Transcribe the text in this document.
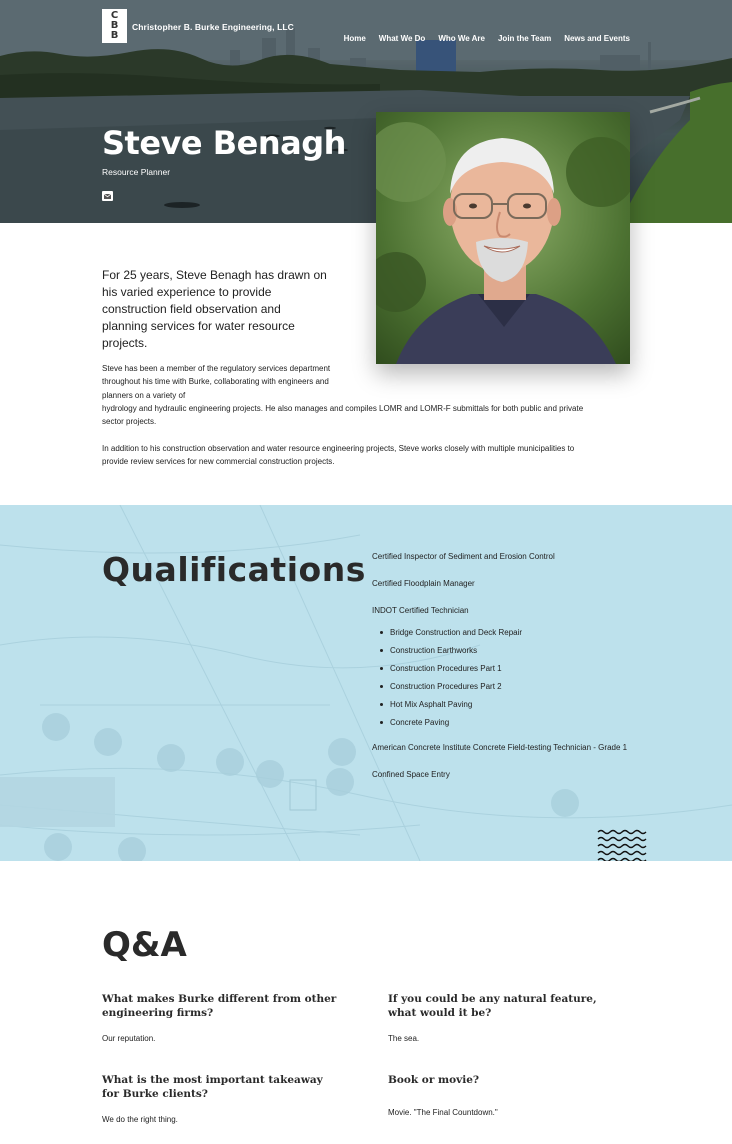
C
B
B
Christopher B. Burke Engineering, LLC
Home What We Do Who We Are Join the Team News and Events
Steve Benagh
Resource Planner

For 25 years, Steve Benagh has drawn on his varied experience to provide construction field observation and planning services for water resource projects.

Steve has been a member of the regulatory services department throughout his time with Burke, collaborating with engineers and planners on a variety of

hydrology and hydraulic engineering projects. He also manages and compiles LOMR and LOMR-F submittals for both public and private sector projects.

In addition to his construction observation and water resource engineering projects, Steve works closely with multiple municipalities to provide review services for new commercial construction projects.

Qualifications Certified Inspector of Sediment and Erosion Control
Certified Floodplain Manager
INDOT Certified Technician
Bridge Construction and Deck Repair
Construction Earthworks
Construction Procedures Part 1
Construction Procedures Part 2
Hot Mix Asphalt Paving
Concrete Paving
American Concrete Institute Concrete Field-testing Technician - Grade 1
Confined Space Entry
Q&A
What makes Burke different from other engineering firms?
Our reputation.
If you could be any natural feature, what would it be?
The sea.
What is the most important takeaway for Burke clients?
We do the right thing.
Book or movie?
Movie. "The Final Countdown."
